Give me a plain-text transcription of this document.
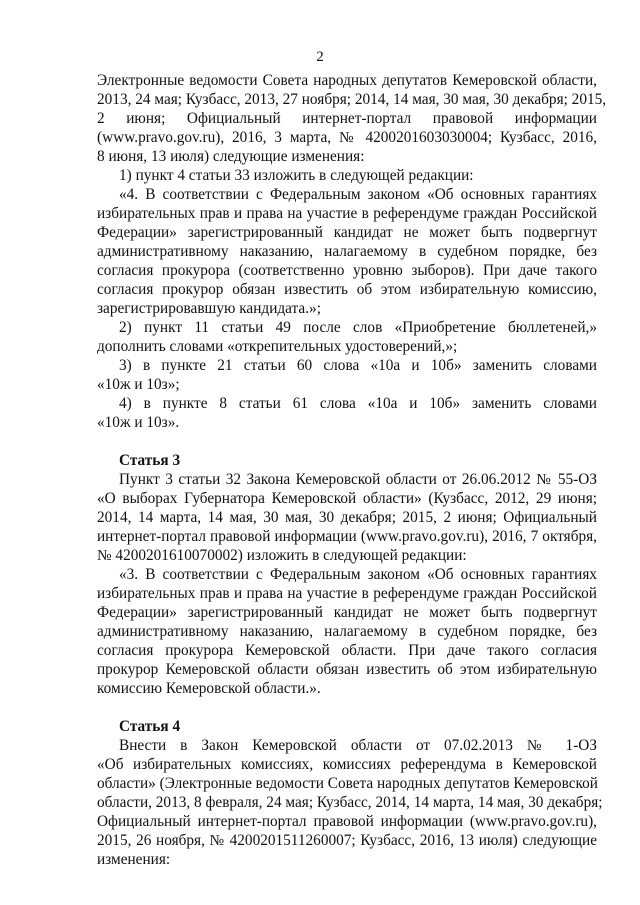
2
Электронные ведомости Совета народных депутатов Кемеровской области,
2013, 24 мая; Кузбасс, 2013, 27 ноября; 2014, 14 мая, 30 мая, 30 декабря; 2015,
2 июня; Официальный интернет-портал правовой информации
(www.pravo.gov.ru), 2016, 3 марта, № 4200201603030004; Кузбасс, 2016,
8 июня, 13 июля) следующие изменения:
1) пункт 4 статьи 33 изложить в следующей редакции:
«4. В соответствии с Федеральным законом «Об основных гарантиях
избирательных прав и права на участие в референдуме граждан Российской
Федерации» зарегистрированный кандидат не может быть подвергнут
административному наказанию, налагаемому в судебном порядке, без
согласия прокурора (соответственно уровню зыборов). При даче такого
согласия прокурор обязан известить об этом избирательную комиссию,
зарегистрировавшую кандидата.»;
2) пункт 11 статьи 49 после слов «Приобретение бюллетеней,»
дополнить словами «открепительных удостоверений,»;
3) в пункте 21 статьи 60 слова «10а и 10б» заменить словами
«10ж и 10з»;
4) в пункте 8 статьи 61 слова «10а и 10б» заменить словами
«10ж и 10з».
Статья 3
Пункт 3 статьи 32 Закона Кемеровской области от 26.06.2012 № 55-ОЗ
«О выборах Губернатора Кемеровской области» (Кузбасс, 2012, 29 июня;
2014, 14 марта, 14 мая, 30 мая, 30 декабря; 2015, 2 июня; Официальный
интернет-портал правовой информации (www.pravo.gov.ru), 2016, 7 октября,
№ 4200201610070002) изложить в следующей редакции:
«3. В соответствии с Федеральным законом «Об основных гарантиях
избирательных прав и права на участие в референдуме граждан Российской
Федерации» зарегистрированный кандидат не может быть подвергнут
административному наказанию, налагаемому в судебном порядке, без
согласия прокурора Кемеровской области. При даче такого согласия
прокурор Кемеровской области обязан известить об этом избирательную
комиссию Кемеровской области.».
Статья 4
Внести в Закон Кемеровской области от 07.02.2013 № 1-ОЗ
«Об избирательных комиссиях, комиссиях референдума в Кемеровской
области» (Электронные ведомости Совета народных депутатов Кемеровской
области, 2013, 8 февраля, 24 мая; Кузбасс, 2014, 14 марта, 14 мая, 30 декабря;
Официальный интернет-портал правовой информации (www.pravo.gov.ru),
2015, 26 ноября, № 4200201511260007; Кузбасс, 2016, 13 июля) следующие
изменения:
